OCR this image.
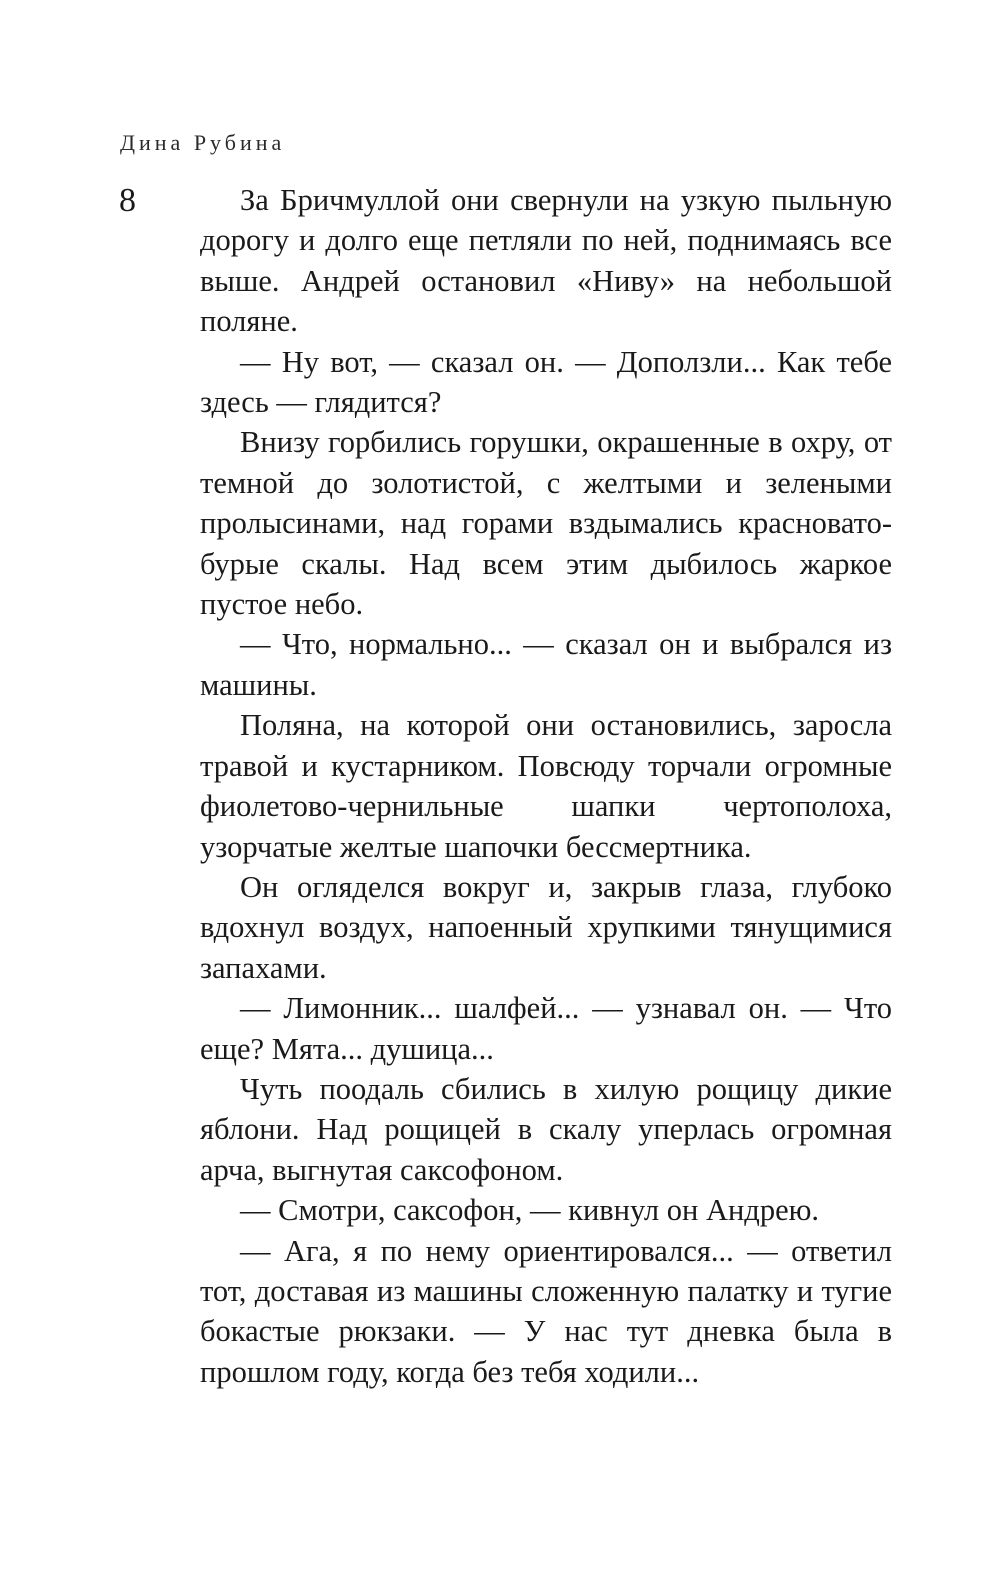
Дина Рубина
8	За Бричмуллой они свернули на узкую пыльную дорогу и долго еще петляли по ней, поднимаясь все выше. Андрей остановил «Ниву» на небольшой поляне.

— Ну вот, — сказал он. — Доползли... Как тебе здесь — глядится?

Внизу горбились горушки, окрашенные в охру, от темной до золотистой, с желтыми и зелеными пролысинами, над горами вздымались красновато-бурые скалы. Над всем этим дыбилось жаркое пустое небо.

— Что, нормально... — сказал он и выбрался из машины.

Поляна, на которой они остановились, заросла травой и кустарником. Повсюду торчали огромные фиолетово-чернильные шапки чертополоха, узорчатые желтые шапочки бессмертника.

Он огляделся вокруг и, закрыв глаза, глубоко вдохнул воздух, напоенный хрупкими тянущимися запахами.

— Лимонник... шалфей... — узнавал он. — Что еще? Мята... душица...

Чуть поодаль сбились в хилую рощицу дикие яблони. Над рощицей в скалу уперлась огромная арча, выгнутая саксофоном.

— Смотри, саксофон, — кивнул он Андрею.

— Ага, я по нему ориентировался... — ответил тот, доставая из машины сложенную палатку и тугие бокастые рюкзаки. — У нас тут дневка была в прошлом году, когда без тебя ходили...
